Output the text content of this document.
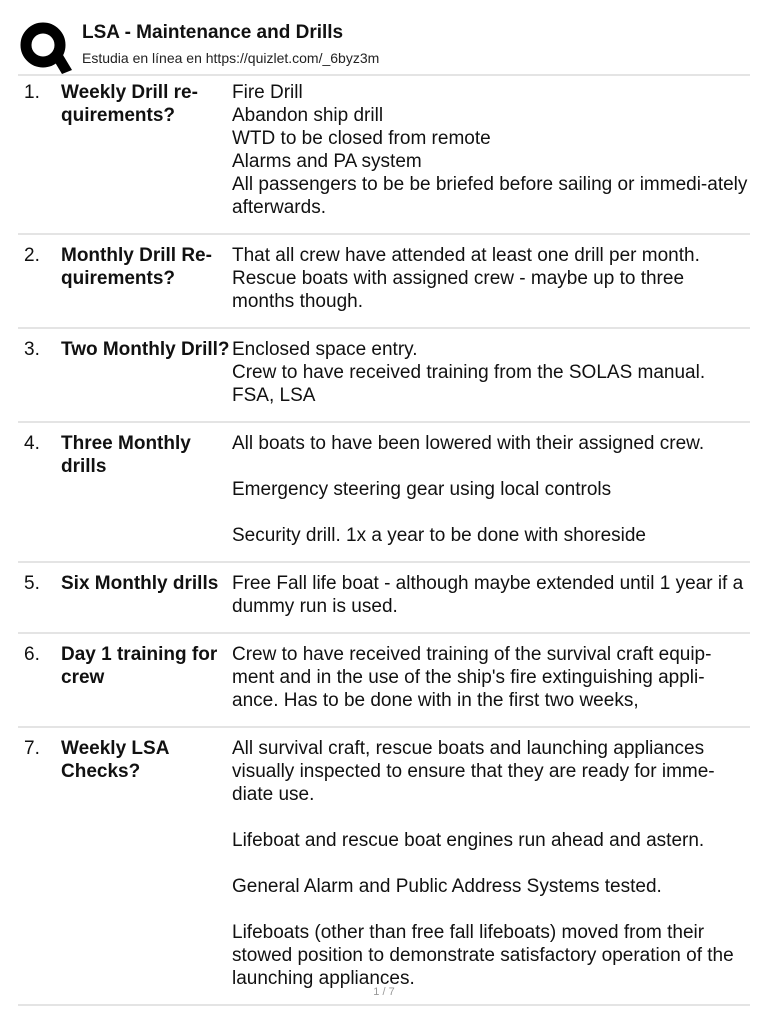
LSA - Maintenance and Drills
Estudia en línea en https://quizlet.com/_6byz3m
1. Weekly Drill re-quirements?
Fire Drill
Abandon ship drill
WTD to be closed from remote
Alarms and PA system
All passengers to be be briefed before sailing or immedi-ately afterwards.
2. Monthly Drill Re-quirements?
That all crew have attended at least one drill per month.
Rescue boats with assigned crew - maybe up to three months though.
3. Two Monthly Drill? Enclosed space entry.
Crew to have received training from the SOLAS manual.
FSA, LSA
4. Three Monthly drills
All boats to have been lowered with their assigned crew.
Emergency steering gear using local controls
Security drill. 1x a year to be done with shoreside
5. Six Monthly drills Free Fall life boat - although maybe extended until 1 year if a dummy run is used.
6. Day 1 training for crew
Crew to have received training of the survival craft equip-ment and in the use of the ship's fire extinguishing appli-ance. Has to be done with in the first two weeks,
7. Weekly LSA Checks?
All survival craft, rescue boats and launching appliances visually inspected to ensure that they are ready for imme-diate use.
Lifeboat and rescue boat engines run ahead and astern.
General Alarm and Public Address Systems tested.
Lifeboats (other than free fall lifeboats) moved from their stowed position to demonstrate satisfactory operation of the launching appliances.
1 / 7
